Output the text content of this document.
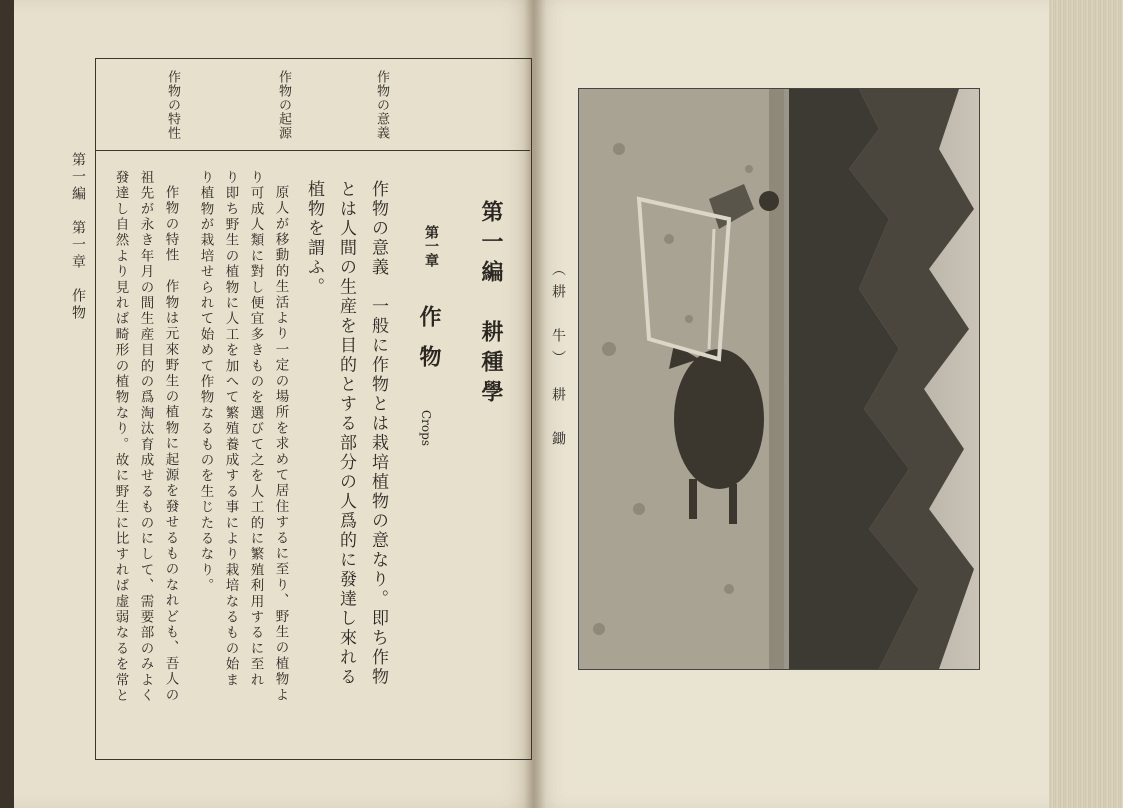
作物の意義
作物の起源
作物の特性
第一編　耕種學
第一章
作物
Crops
作物の意義　一般に作物とは栽培植物の意なり。即ち作物
とは人間の生産を目的とする部分の人爲的に發達し來れる
植物を謂ふ。
原人が移動的生活より一定の場所を求めて居住するに至り、野生の植物よ
り可成人類に對し便宜多きものを選びて之を人工的に繁殖利用するに至れ
り即ち野生の植物に人工を加へて繁殖養成する事により栽培なるもの始ま
り植物が栽培せられて始めて作物なるものを生じたるなり。
作物の特性　作物は元來野生の植物に起源を發せるものなれども、吾人の
祖先が永き年月の間生産目的の爲淘汰育成せるものにして、需要部のみよく
發達し自然より見れば畸形の植物なり。故に野生に比すれば虚弱なるを常と
第一編　第一章　作物
（耕　牛）　耕　鋤
